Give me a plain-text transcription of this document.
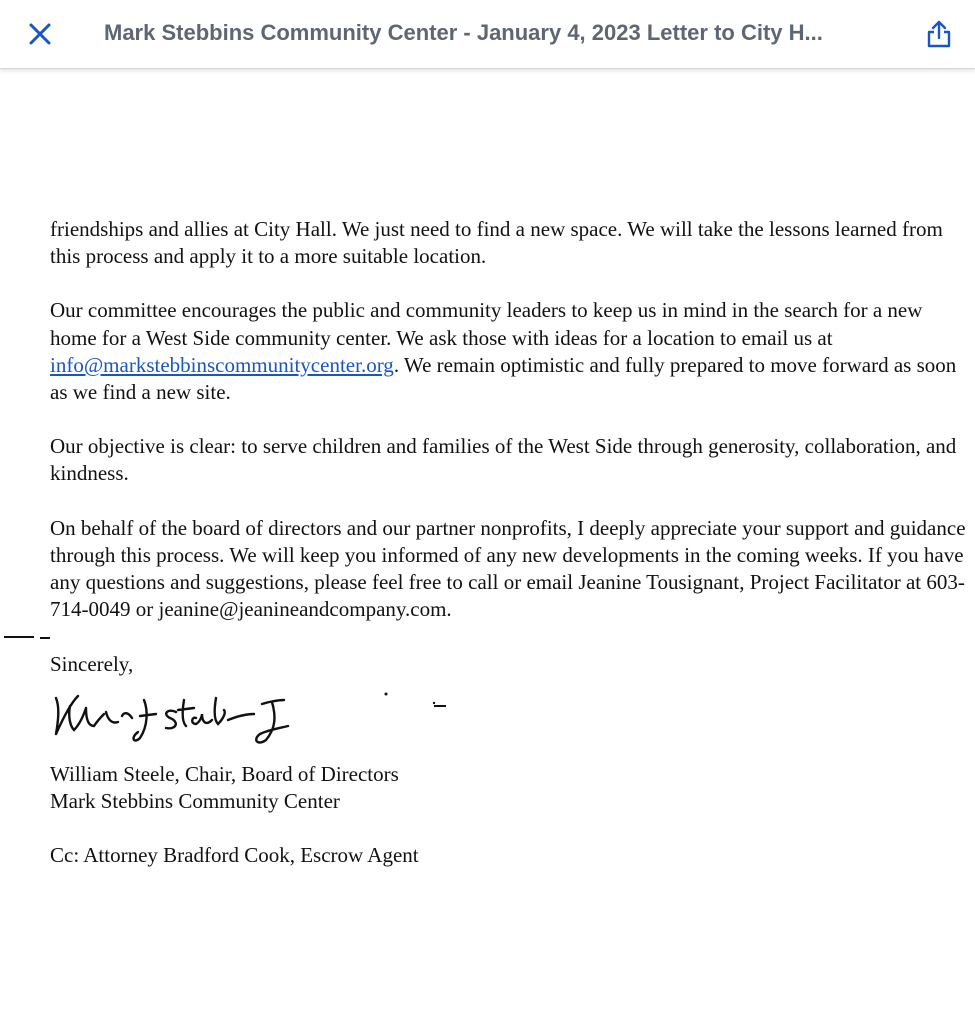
Mark Stebbins Community Center - January 4, 2023 Letter to City H...

friendships and allies at City Hall. We just need to find a new space. We will take the lessons learned from this process and apply it to a more suitable location.

Our committee encourages the public and community leaders to keep us in mind in the search for a new home for a West Side community center. We ask those with ideas for a location to email us at info@markstebbinscommunitycenter.org. We remain optimistic and fully prepared to move forward as soon as we find a new site.

Our objective is clear: to serve children and families of the West Side through generosity, collaboration, and kindness.

On behalf of the board of directors and our partner nonprofits, I deeply appreciate your support and guidance through this process. We will keep you informed of any new developments in the coming weeks. If you have any questions and suggestions, please feel free to call or email Jeanine Tousignant, Project Facilitator at 603-714-0049 or jeanine@jeanineandcompany.com.

Sincerely,
William Steele, Chair, Board of Directors
Mark Stebbins Community Center
Cc: Attorney Bradford Cook, Escrow Agent
